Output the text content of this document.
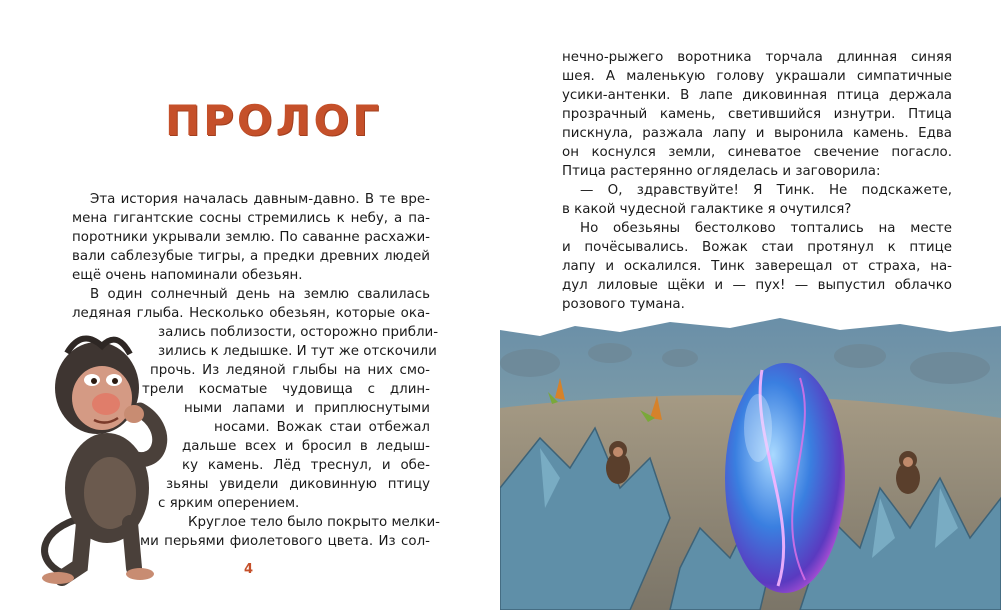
ПРОЛОГ
Эта история началась давным-давно. В те вре-
мена гигантские сосны стремились к небу, а па-
поротники укрывали землю. По саванне расхажи-
вали саблезубые тигры, а предки древних людей
ещё очень напоминали обезьян.
В один солнечный день на землю свалилась
ледяная глыба. Несколько обезьян, которые ока-
зались поблизости, осторожно прибли-
зились к ледышке. И тут же отскочили
прочь. Из ледяной глыбы на них смо-
трели косматые чудовища с длин-
ными лапами и приплюснутыми
носами. Вожак стаи отбежал
дальше всех и бросил в ледыш-
ку камень. Лёд треснул, и обе-
зьяны увидели диковинную птицу
с ярким оперением.
Круглое тело было покрыто мелки-
ми перьями фиолетового цвета. Из сол-
4
нечно-рыжего воротника торчала длинная синяя
шея. А маленькую голову украшали симпатичные
усики-антенки. В лапе диковинная птица держала
прозрачный камень, светившийся изнутри. Птица
пискнула, разжала лапу и выронила камень. Едва
он коснулся земли, синеватое свечение погасло.
Птица растерянно огляделась и заговорила:
— О, здравствуйте! Я Тинк. Не подскажете,
в какой чудесной галактике я очутился?
Но обезьяны бестолково топтались на месте
и почёсывались. Вожак стаи протянул к птице
лапу и оскалился. Тинк заверещал от страха, на-
дул лиловые щёки и — пух! — выпустил облачко
розового тумана.
